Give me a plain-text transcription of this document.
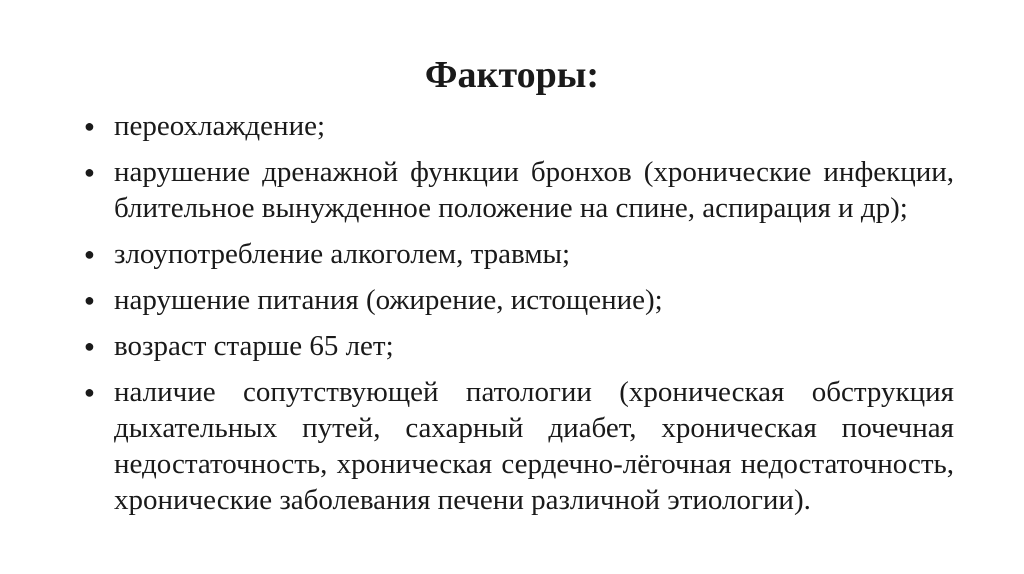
Факторы:
● переохлаждение;
● нарушение дренажной функции бронхов (хронические инфекции, блительное вынужденное положение на спине, аспирация и др);
● злоупотребление алкоголем, травмы;
● нарушение питания (ожирение, истощение);
● возраст старше 65 лет;
● наличие сопутствующей патологии (хроническая обструкция дыхательных путей, сахарный диабет, хроническая почечная недостаточность, хроническая сердечно-лёгочная недостаточность, хронические заболевания печени различной этиологии).
